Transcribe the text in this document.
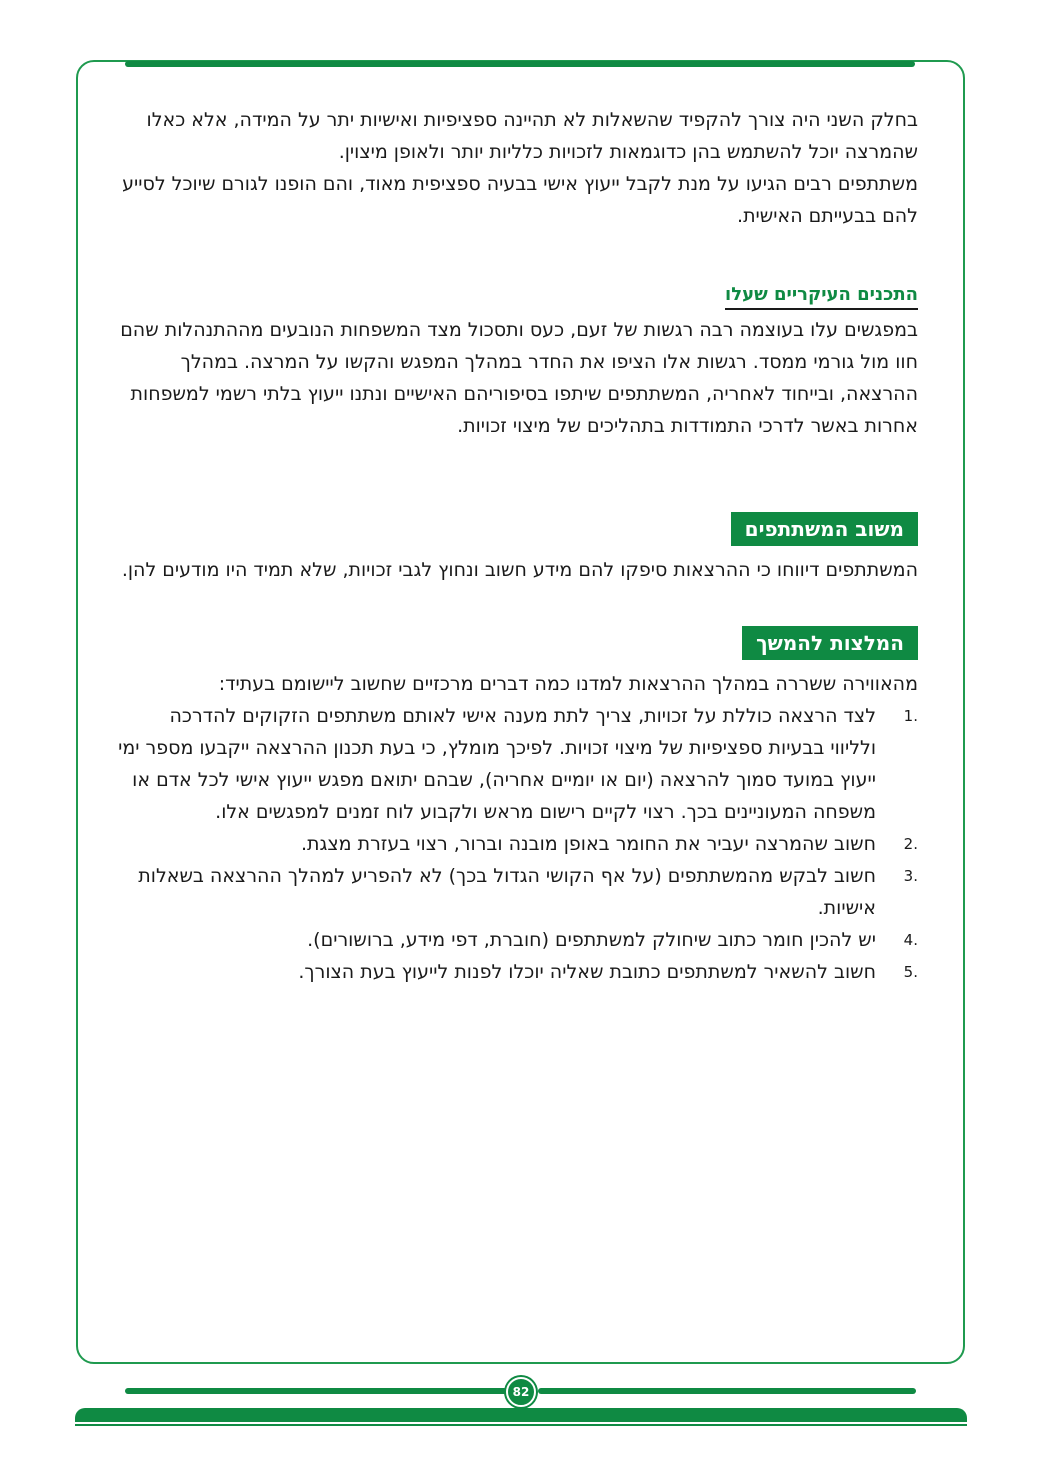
בחלק השני היה צורך להקפיד שהשאלות לא תהיינה ספציפיות ואישיות יתר על המידה, אלא כאלו שהמרצה יוכל להשתמש בהן כדוגמאות לזכויות כלליות יותר ולאופן מיצוין.

משתתפים רבים הגיעו על מנת לקבל ייעוץ אישי בבעיה ספציפית מאוד, והם הופנו לגורם שיוכל לסייע להם בבעייתם האישית.

התכנים העיקריים שעלו

במפגשים עלו בעוצמה רבה רגשות של זעם, כעס ותסכול מצד המשפחות הנובעים מההתנהלות שהם חוו מול גורמי ממסד. רגשות אלו הציפו את החדר במהלך המפגש והקשו על המרצה. במהלך ההרצאה, ובייחוד לאחריה, המשתתפים שיתפו בסיפוריהם האישיים ונתנו ייעוץ בלתי רשמי למשפחות אחרות באשר לדרכי התמודדות בתהליכים של מיצוי זכויות.

משוב המשתתפים

המשתתפים דיווחו כי ההרצאות סיפקו להם מידע חשוב ונחוץ לגבי זכויות, שלא תמיד היו מודעים להן.

המלצות להמשך

מהאווירה ששררה במהלך ההרצאות למדנו כמה דברים מרכזיים שחשוב ליישומם בעתיד:

.1
לצד הרצאה כוללת על זכויות, צריך לתת מענה אישי לאותם משתתפים הזקוקים להדרכה ולליווי בבעיות ספציפיות של מיצוי זכויות. לפיכך מומלץ, כי בעת תכנון ההרצאה ייקבעו מספר ימי ייעוץ במועד סמוך להרצאה (יום או יומיים אחריה), שבהם יתואם מפגש ייעוץ אישי לכל אדם או משפחה המעוניינים בכך. רצוי לקיים רישום מראש ולקבוע לוח זמנים למפגשים אלו.
.2
חשוב שהמרצה יעביר את החומר באופן מובנה וברור, רצוי בעזרת מצגת.
.3
חשוב לבקש מהמשתתפים (על אף הקושי הגדול בכך) לא להפריע למהלך ההרצאה בשאלות אישיות.
.4
יש להכין חומר כתוב שיחולק למשתתפים (חוברת, דפי מידע, ברושורים).
.5
חשוב להשאיר למשתתפים כתובת שאליה יוכלו לפנות לייעוץ בעת הצורך.
82
